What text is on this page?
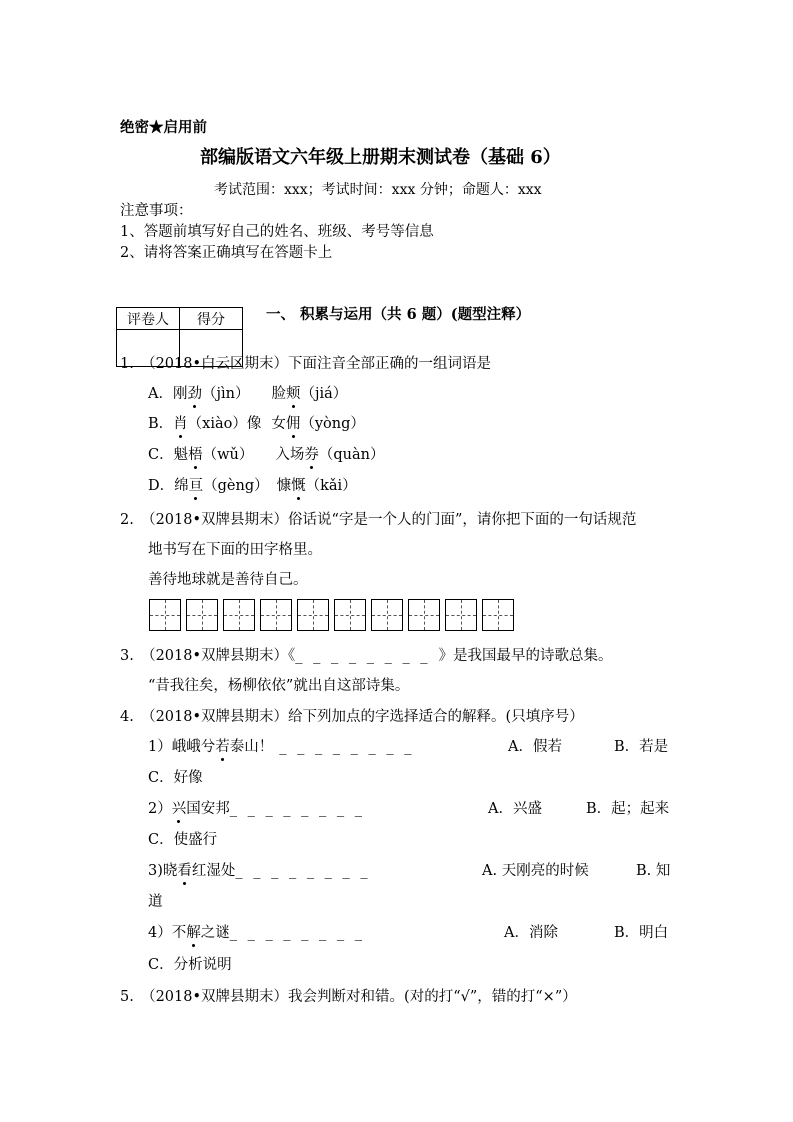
绝密★启用前
部编版语文六年级上册期末测试卷（基础 6）
考试范围：xxx；考试时间：xxx 分钟；命题人：xxx
注意事项：
1、答题前填写好自己的姓名、班级、考号等信息
2、请将答案正确填写在答题卡上
评卷人	得分
		一、 积累与运用（共 6 题）(题型注释）
1.　（2018•白云区期末）下面注音全部正确的一组词语是
A．刚劲（jìn） 脸颊（jiá）
B．肖（xiào）像 女佣（yòng）
C．魁梧（wǔ） 入场券（quàn）
D．绵亘（gèng） 慷慨（kǎi）
2.　（2018•双牌县期末）俗话说“字是一个人的门面”，请你把下面的一句话规范
地书写在下面的田字格里。
善待地球就是善待自己。
3.　（2018•双牌县期末）《_ _ _ _ _ _ _ _ 》是我国最早的诗歌总集。
“昔我往矣，杨柳依依”就出自这部诗集。
4.　（2018•双牌县期末）给下列加点的字选择适合的解释。(只填序号）
1）峨峨兮若泰山！ _ _ _ _ _ _ _ _	A．假若	B．若是
C．好像
2）兴国安邦_ _ _ _ _ _ _ _	A．兴盛	B．起；起来
C．使盛行
3)晓看红湿处_ _ _ _ _ _ _ _	A. 天刚亮的时候	B. 知
道
4）不解之谜_ _ _ _ _ _ _ _	A．消除	B．明白
C．分析说明
5.　（2018•双牌县期末）我会判断对和错。(对的打“√”，错的打“×”）
